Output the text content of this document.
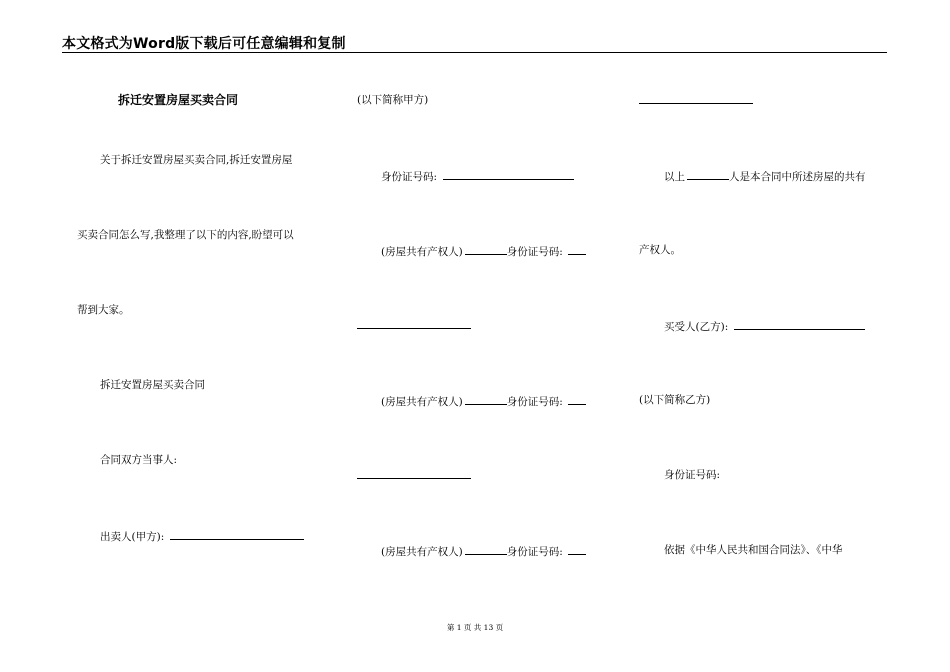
本文格式为Word版下载后可任意编辑和复制
拆迁安置房屋买卖合同
关于拆迁安置房屋买卖合同,拆迁安置房屋
买卖合同怎么写,我整理了以下的内容,盼望可以
帮到大家。
拆迁安置房屋买卖合同
合同双方当事人:
出卖人(甲方):
(以下简称甲方)
身份证号码:
(房屋共有产权人)	身份证号码:
(房屋共有产权人)	身份证号码:
(房屋共有产权人)	身份证号码:
以上	人是本合同中所述房屋的共有
产权人。
买受人(乙方):
(以下简称乙方)
身份证号码:
依据《中华人民共和国合同法》、《中华
第 1 页 共 13 页
